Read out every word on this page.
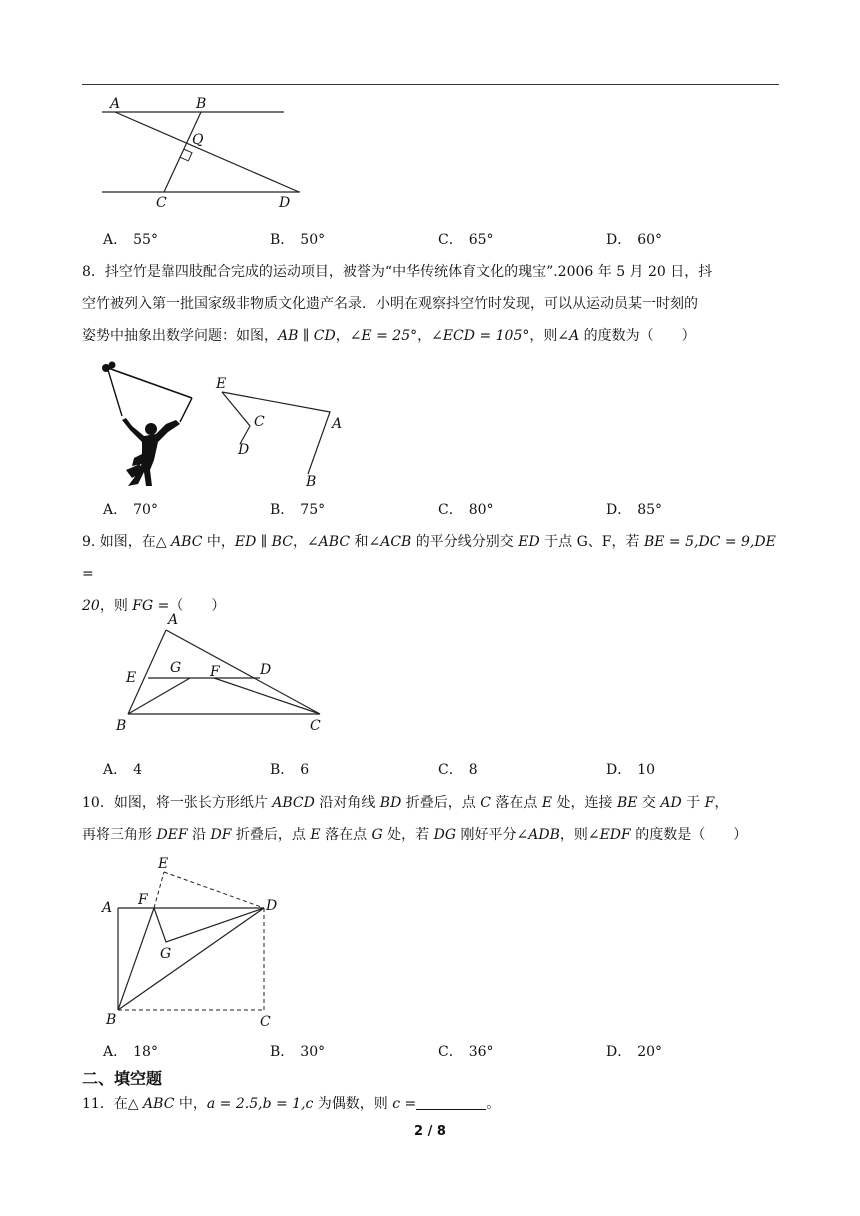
A	B
Q
C	D
A． 55°	B． 50°	C． 65°	D． 60°

8．抖空竹是靠四肢配合完成的运动项目，被誉为“中华传统体育文化的瑰宝”.2006 年 5 月 20 日，抖

空竹被列入第一批国家级非物质文化遗产名录．小明在观察抖空竹时发现，可以从运动员某一时刻的

姿势中抽象出数学问题：如图，AB ∥ CD，∠E = 25°，∠ECD = 105°，则∠A 的度数为（　　）

E
C
D
A
B
A． 70°	B． 75°	C． 80°	D． 85°

9. 如图，在△ ABC 中，ED ∥ BC，∠ABC 和∠ACB 的平分线分别交 ED 于点 G、F，若 BE = 5,DC = 9,DE =

20，则 FG =（　　）

A
E
G F	D
B	C
A． 4	B． 6	C． 8	D． 10

10．如图，将一张长方形纸片 ABCD 沿对角线 BD 折叠后，点 C 落在点 E 处，连接 BE 交 AD 于 F，

再将三角形 DEF 沿 DF 折叠后，点 E 落在点 G 处，若 DG 刚好平分∠ADB，则∠EDF 的度数是（　　）

E
A F	D
G
B	C
A． 18°	B． 30°	C． 36°	D． 20°
二、填空题

11．在△ ABC 中，a = 2.5,b = 1,c 为偶数，则 c =	。

2 / 8
